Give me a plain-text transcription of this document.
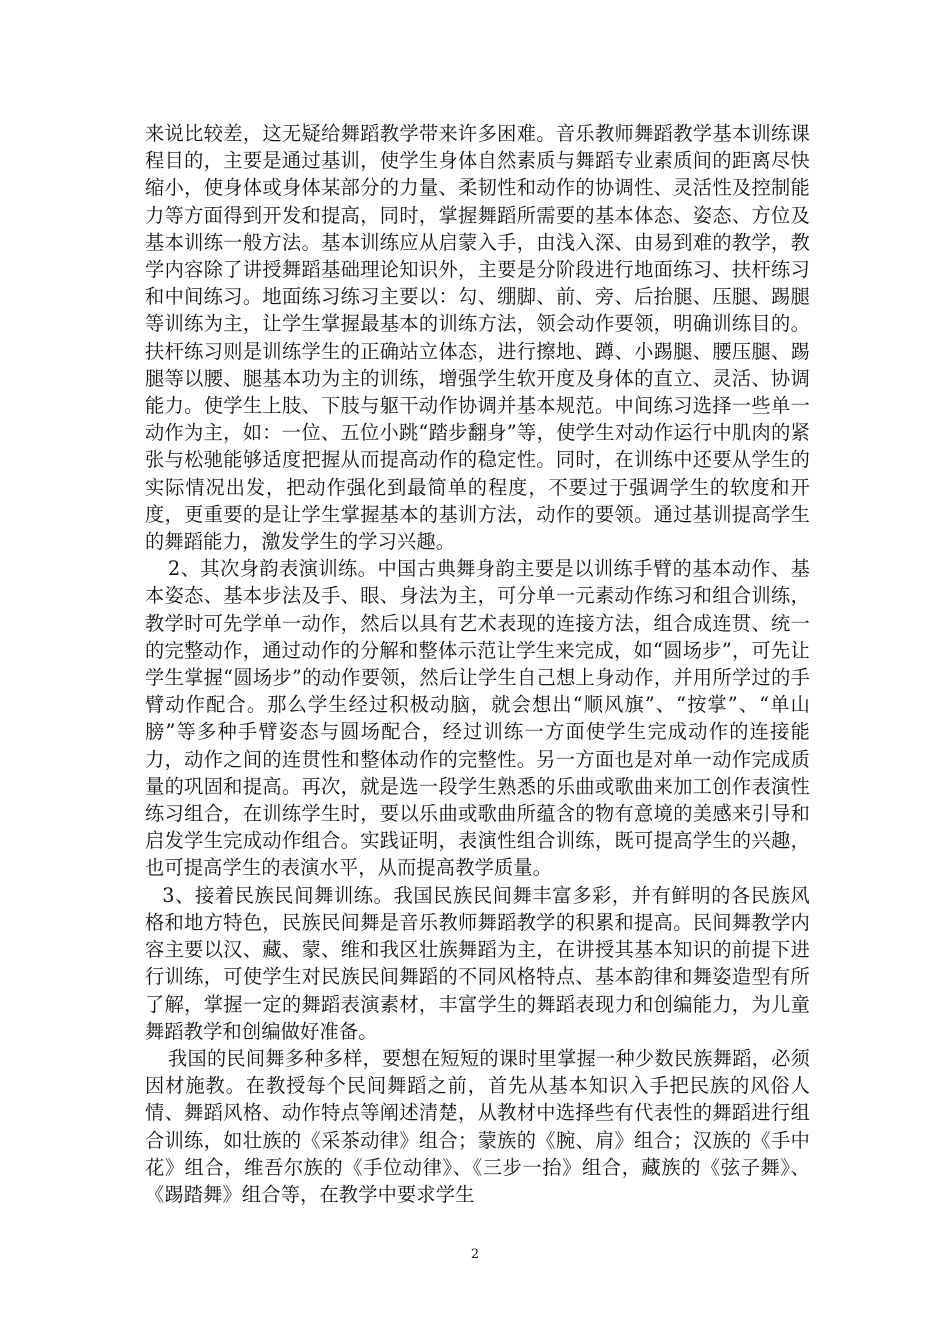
来说比较差，这无疑给舞蹈教学带来许多困难。音乐教师舞蹈教学基本训练课程目的，主要是通过基训，使学生身体自然素质与舞蹈专业素质间的距离尽快缩小，使身体或身体某部分的力量、柔韧性和动作的协调性、灵活性及控制能力等方面得到开发和提高，同时，掌握舞蹈所需要的基本体态、姿态、方位及基本训练一般方法。基本训练应从启蒙入手，由浅入深、由易到难的教学，教学内容除了讲授舞蹈基础理论知识外，主要是分阶段进行地面练习、扶杆练习和中间练习。地面练习练习主要以：勾、绷脚、前、旁、后抬腿、压腿、踢腿等训练为主，让学生掌握最基本的训练方法，领会动作要领，明确训练目的。扶杆练习则是训练学生的正确站立体态，进行擦地、蹲、小踢腿、腰压腿、踢腿等以腰、腿基本功为主的训练，增强学生软开度及身体的直立、灵活、协调能力。使学生上肢、下肢与躯干动作协调并基本规范。中间练习选择一些单一动作为主，如：一位、五位小跳“踏步翻身”等，使学生对动作运行中肌肉的紧张与松驰能够适度把握从而提高动作的稳定性。同时，在训练中还要从学生的实际情况出发，把动作强化到最简单的程度，不要过于强调学生的软度和开度，更重要的是让学生掌握基本的基训方法，动作的要领。通过基训提高学生的舞蹈能力，激发学生的学习兴趣。

2、其次身韵表演训练。中国古典舞身韵主要是以训练手臂的基本动作、基本姿态、基本步法及手、眼、身法为主，可分单一元素动作练习和组合训练，教学时可先学单一动作，然后以具有艺术表现的连接方法，组合成连贯、统一的完整动作，通过动作的分解和整体示范让学生来完成，如“圆场步”，可先让学生掌握“圆场步”的动作要领，然后让学生自己想上身动作，并用所学过的手臂动作配合。那么学生经过积极动脑，就会想出“顺风旗”、“按掌”、“单山膀”等多种手臂姿态与圆场配合，经过训练一方面使学生完成动作的连接能力，动作之间的连贯性和整体动作的完整性。另一方面也是对单一动作完成质量的巩固和提高。再次，就是选一段学生熟悉的乐曲或歌曲来加工创作表演性练习组合，在训练学生时，要以乐曲或歌曲所蕴含的物有意境的美感来引导和启发学生完成动作组合。实践证明，表演性组合训练，既可提高学生的兴趣，也可提高学生的表演水平，从而提高教学质量。

3、接着民族民间舞训练。我国民族民间舞丰富多彩，并有鲜明的各民族风格和地方特色，民族民间舞是音乐教师舞蹈教学的积累和提高。民间舞教学内容主要以汉、藏、蒙、维和我区壮族舞蹈为主，在讲授其基本知识的前提下进行训练，可使学生对民族民间舞蹈的不同风格特点、基本韵律和舞姿造型有所了解，掌握一定的舞蹈表演素材，丰富学生的舞蹈表现力和创编能力，为儿童舞蹈教学和创编做好准备。

我国的民间舞多种多样，要想在短短的课时里掌握一种少数民族舞蹈，必须因材施教。在教授每个民间舞蹈之前，首先从基本知识入手把民族的风俗人情、舞蹈风格、动作特点等阐述清楚，从教材中选择些有代表性的舞蹈进行组合训练，如壮族的《采茶动律》组合；蒙族的《腕、肩》组合；汉族的《手中花》组合，维吾尔族的《手位动律》、《三步一抬》组合，藏族的《弦子舞》、《踢踏舞》组合等，在教学中要求学生

2
